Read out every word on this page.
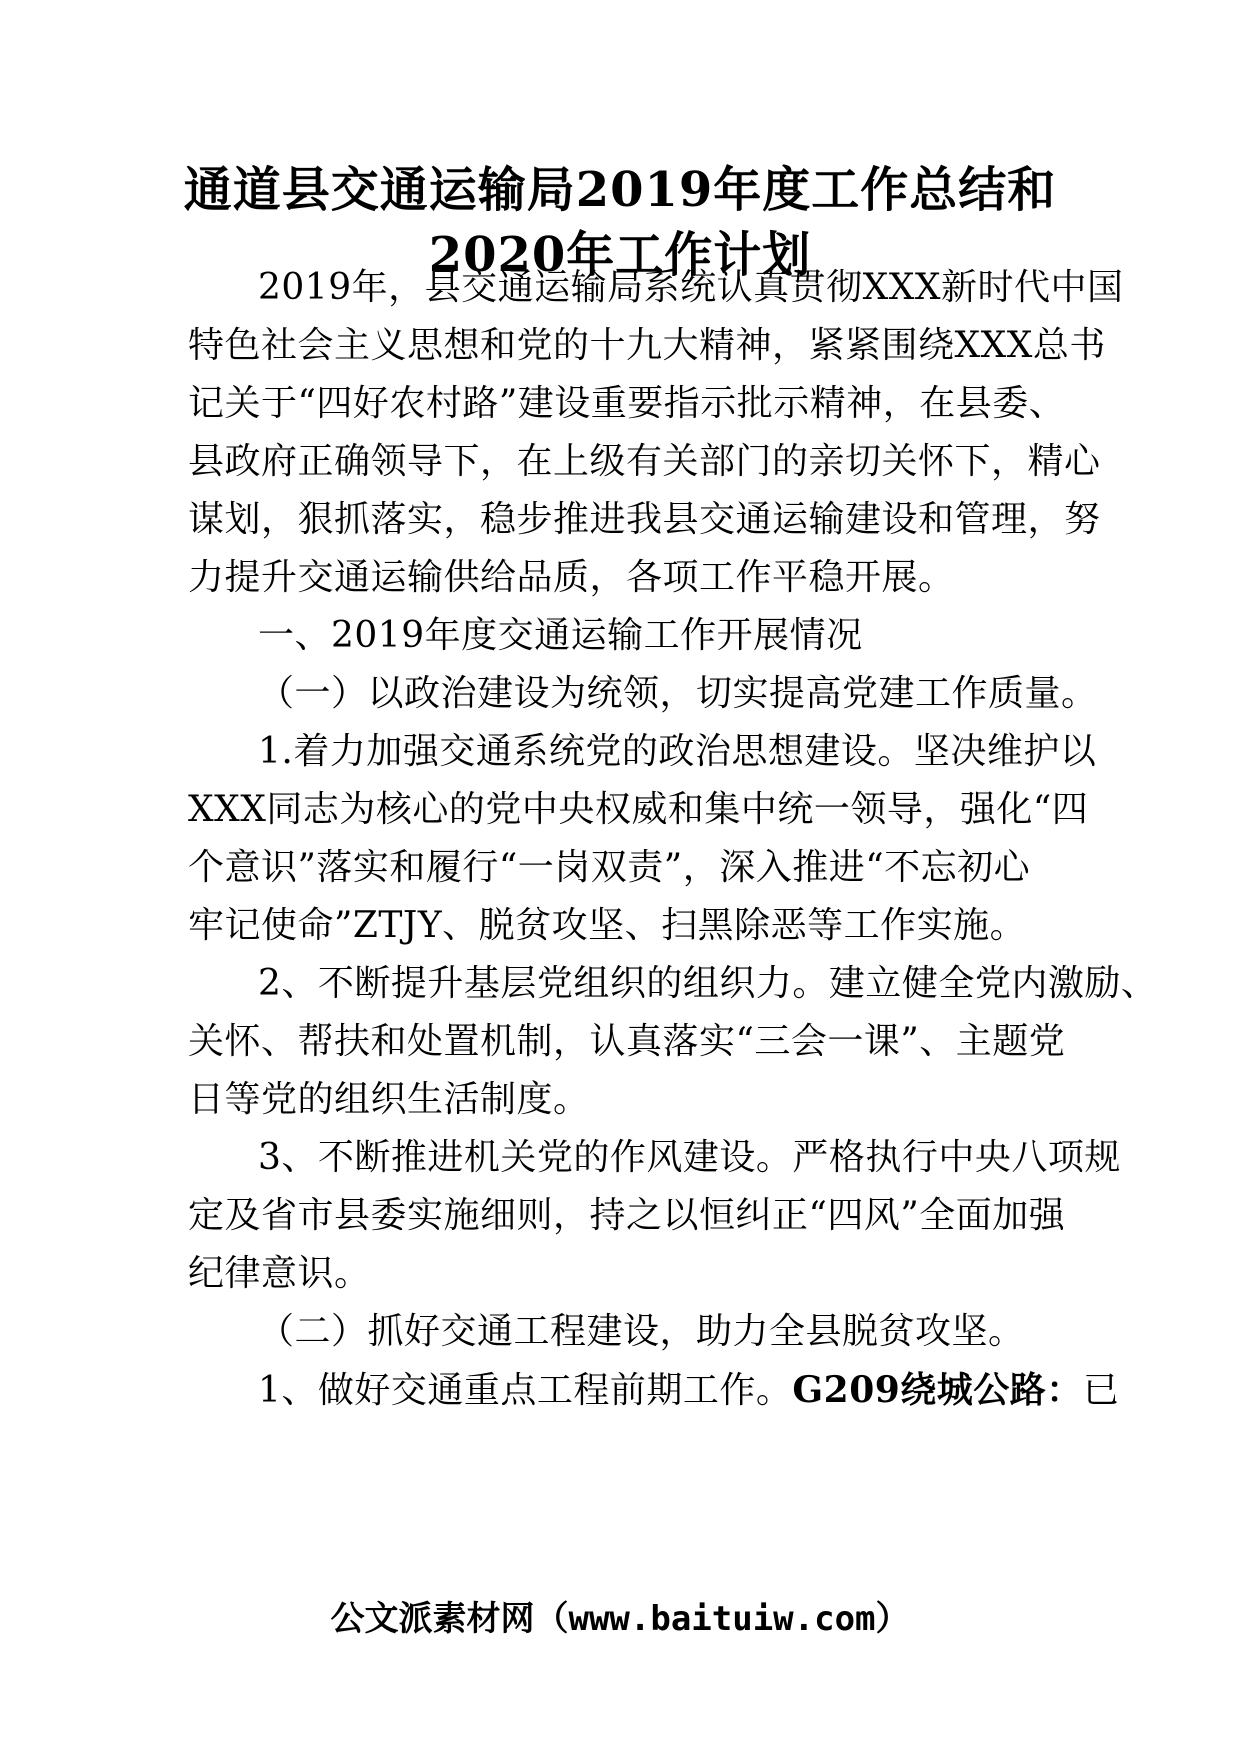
通道县交通运输局2019年度工作总结和
2020年工作计划
2019年，县交通运输局系统认真贯彻XXX新时代中国
特色社会主义思想和党的十九大精神，紧紧围绕XXX总书
记关于“四好农村路”建设重要指示批示精神，在县委、
县政府正确领导下，在上级有关部门的亲切关怀下，精心
谋划，狠抓落实，稳步推进我县交通运输建设和管理，努
力提升交通运输供给品质，各项工作平稳开展。
一、2019年度交通运输工作开展情况
（一）以政治建设为统领，切实提高党建工作质量。
1.着力加强交通系统党的政治思想建设。坚决维护以
XXX同志为核心的党中央权威和集中统一领导，强化“四
个意识”落实和履行“一岗双责”，深入推进“不忘初心
牢记使命”ZTJY、脱贫攻坚、扫黑除恶等工作实施。
2、不断提升基层党组织的组织力。建立健全党内激励、
关怀、帮扶和处置机制，认真落实“三会一课”、主题党
日等党的组织生活制度。
3、不断推进机关党的作风建设。严格执行中央八项规
定及省市县委实施细则，持之以恒纠正“四风”全面加强
纪律意识。
（二）抓好交通工程建设，助力全县脱贫攻坚。
1、做好交通重点工程前期工作。G209绕城公路：已
公文派素材网（www.baituiw.com）
